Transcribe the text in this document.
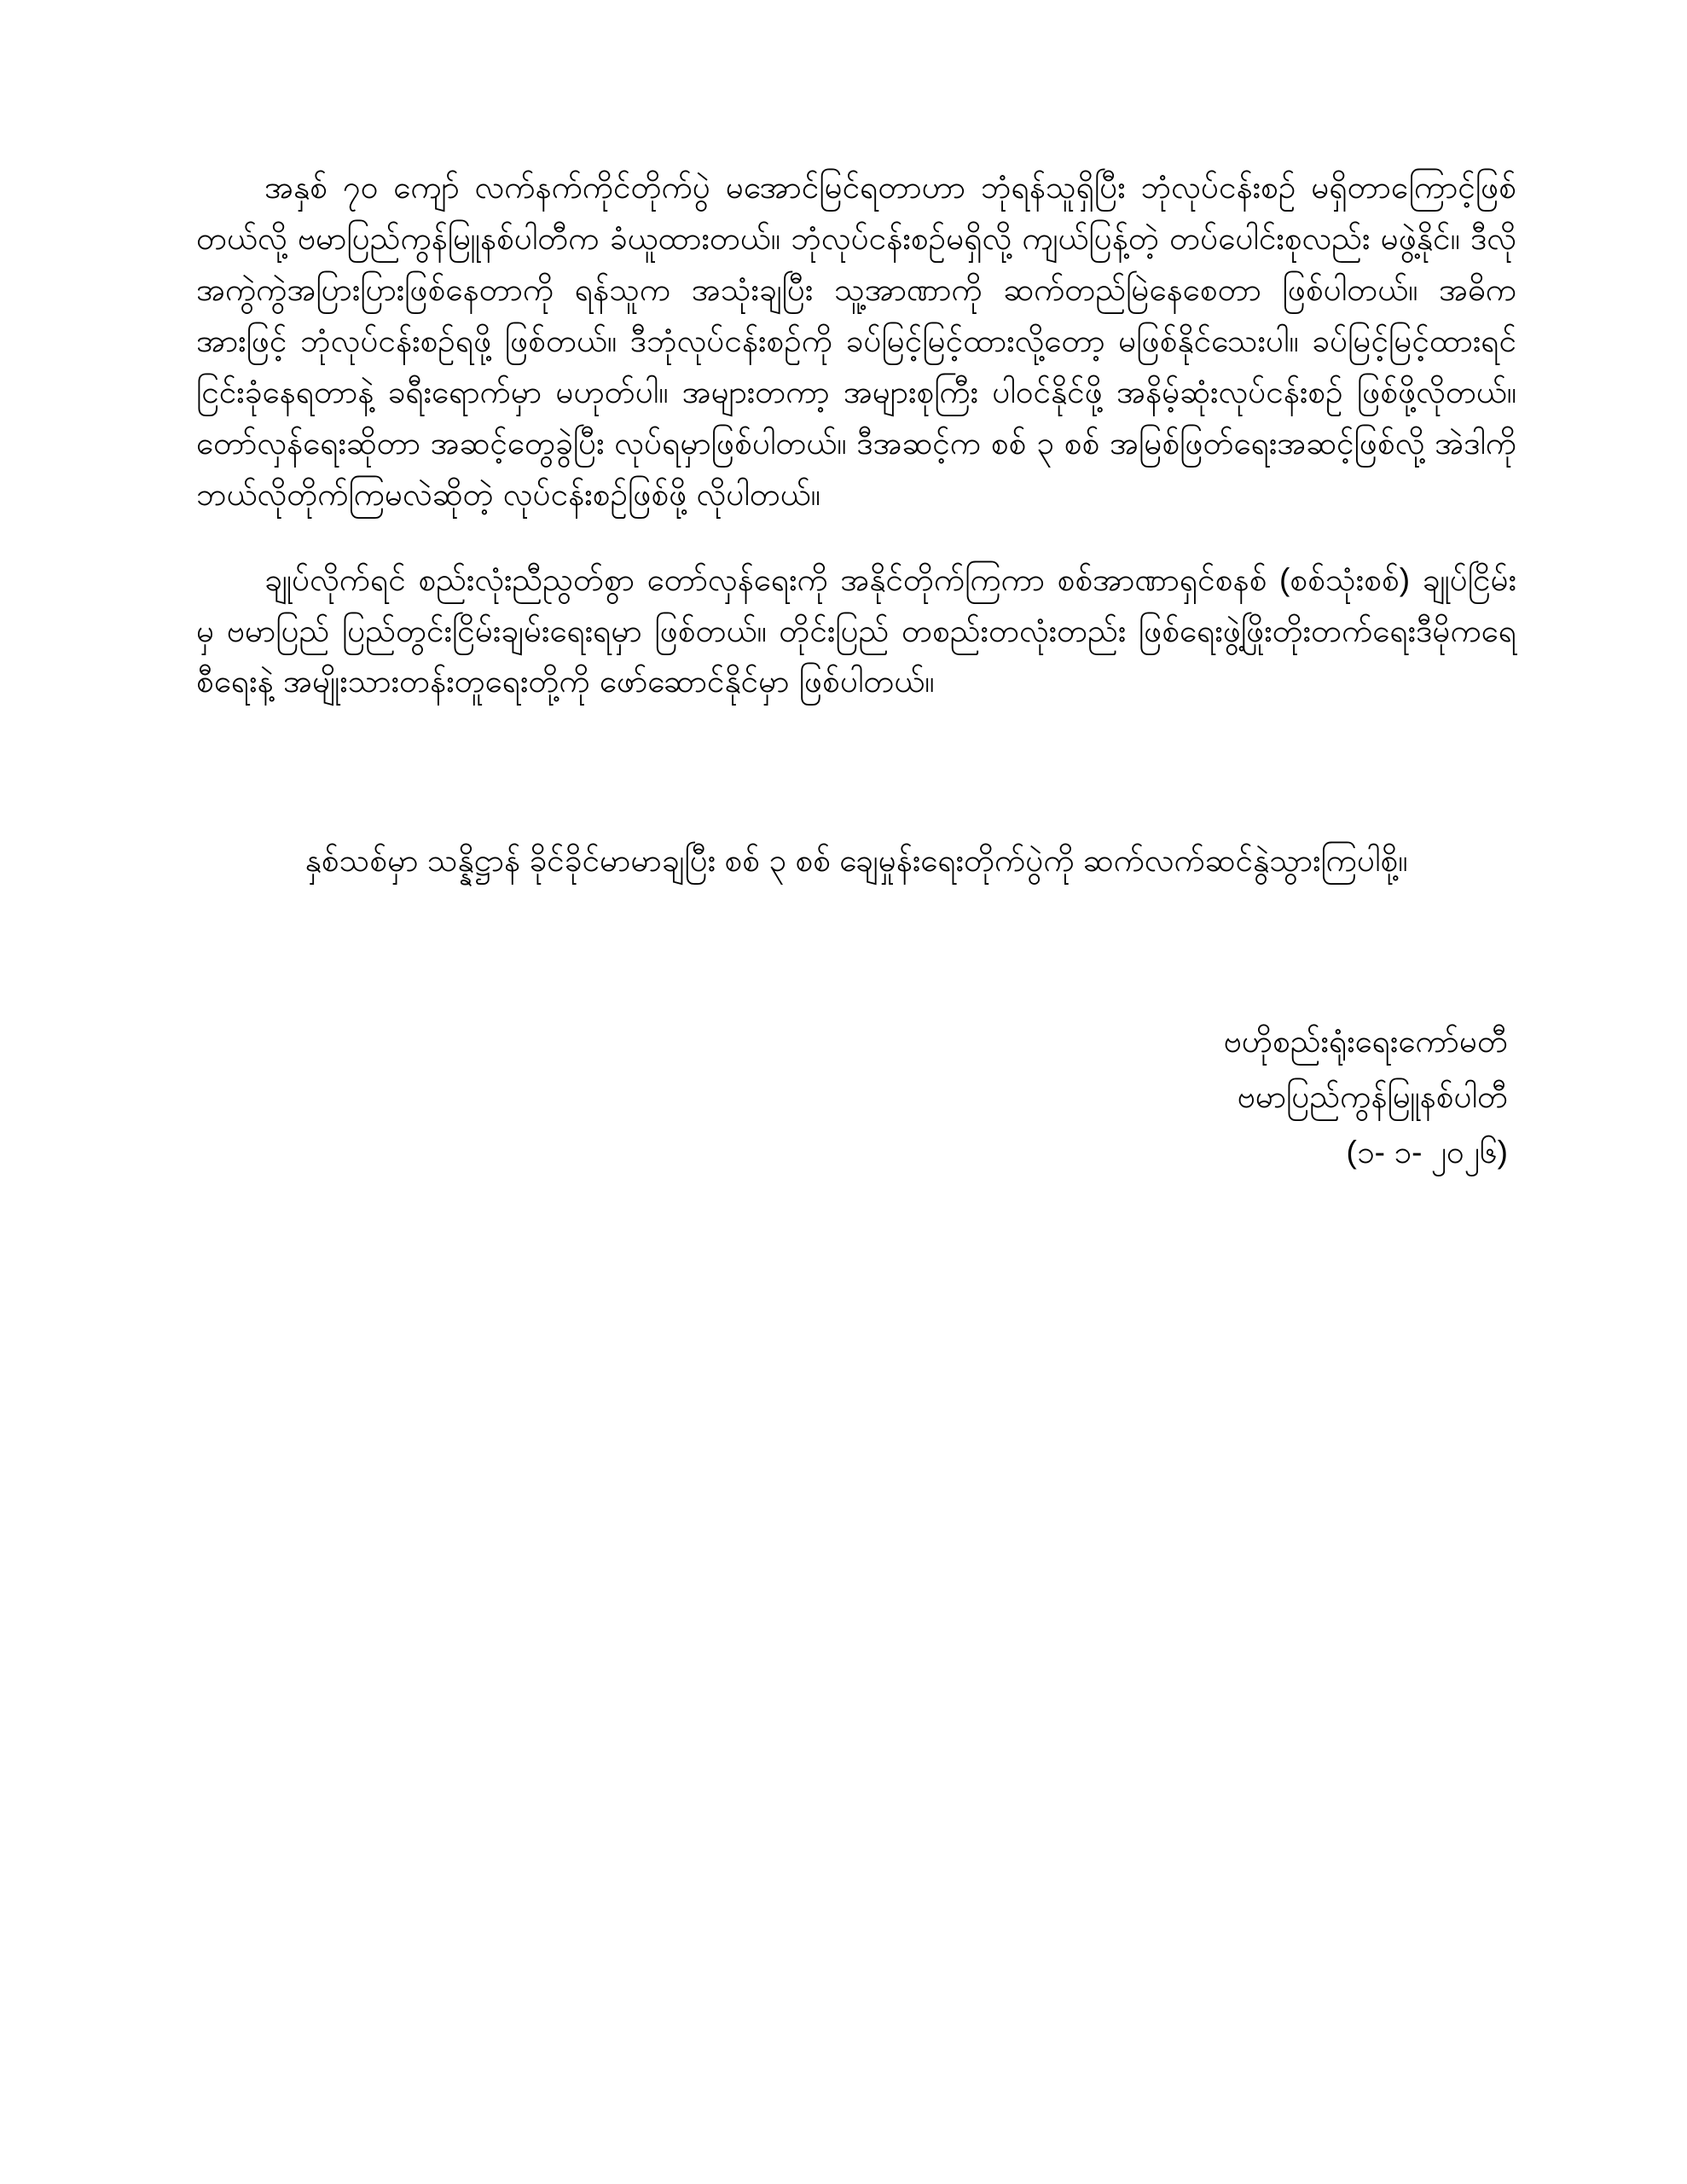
အနှစ် ၇၀ ကျော် လက်နက်ကိုင်တိုက်ပွဲ မအောင်မြင်ရတာဟာ ဘုံရန်သူရှိပြီး ဘုံလုပ်ငန်းစဉ် မရှိတာကြောင့်ဖြစ်တယ်လို့ ဗမာပြည်ကွန်မြူနစ်ပါတီက ခံယူထားတယ်။ ဘုံလုပ်ငန်းစဉ်မရှိလို့ ကျယ်ပြန့်တဲ့ တပ်ပေါင်းစုလည်း မဖွဲ့နိုင်။ ဒီလိုအကွဲကွဲအပြားပြားဖြစ်နေတာကို ရန်သူက အသုံးချပြီး သူ့အာဏာကို ဆက်တည်မြဲနေစေတာ ဖြစ်ပါတယ်။ အဓိကအားဖြင့် ဘုံလုပ်ငန်းစဉ်ရဖို့ ဖြစ်တယ်။ ဒီဘုံလုပ်ငန်းစဉ်ကို ခပ်မြင့်မြင့်ထားလို့တော့ မဖြစ်နိုင်သေးပါ။ ခပ်မြင့်မြင့်ထားရင် ငြင်းခုံနေရတာနဲ့ ခရီးရောက်မှာ မဟုတ်ပါ။ အများတကာ့ အများစုကြီး ပါဝင်နိုင်ဖို့ အနိမ့်ဆုံးလုပ်ငန်းစဉ် ဖြစ်ဖို့လိုတယ်။ တော်လှန်ရေးဆိုတာ အဆင့်တွေခွဲပြီး လုပ်ရမှာဖြစ်ပါတယ်။ ဒီအဆင့်က စစ် ၃ စစ် အမြစ်ဖြတ်ရေးအဆင့်ဖြစ်လို့ အဲဒါကို ဘယ်လိုတိုက်ကြမလဲဆိုတဲ့ လုပ်ငန်းစဉ်ဖြစ်ဖို့ လိုပါတယ်။

ချုပ်လိုက်ရင် စည်းလုံးညီညွတ်စွာ တော်လှန်ရေးကို အနိုင်တိုက်ကြကာ စစ်အာဏာရှင်စနစ် (စစ်သုံးစစ်) ချုပ်ငြိမ်းမှ ဗမာပြည် ပြည်တွင်းငြိမ်းချမ်းရေးရမှာ ဖြစ်တယ်။ တိုင်းပြည် တစည်းတလုံးတည်း ဖြစ်ရေးဖွဲ့ဖြိုးတိုးတက်ရေးဒီမိုကရေစီရေးနဲ့ အမျိုးသားတန်းတူရေးတို့ကို ဖော်ဆောင်နိုင်မှာ ဖြစ်ပါတယ်။

နှစ်သစ်မှာ သန္နိဋ္ဌာန် ခိုင်ခိုင်မာမာချပြီး စစ် ၃ စစ် ချေမှုန်းရေးတိုက်ပွဲကို ဆက်လက်ဆင်နွဲသွားကြပါစို့။
ဗဟိုစည်းရုံးရေးကော်မတီ
ဗမာပြည်ကွန်မြူနစ်ပါတီ
(၁- ၁- ၂၀၂၆)
